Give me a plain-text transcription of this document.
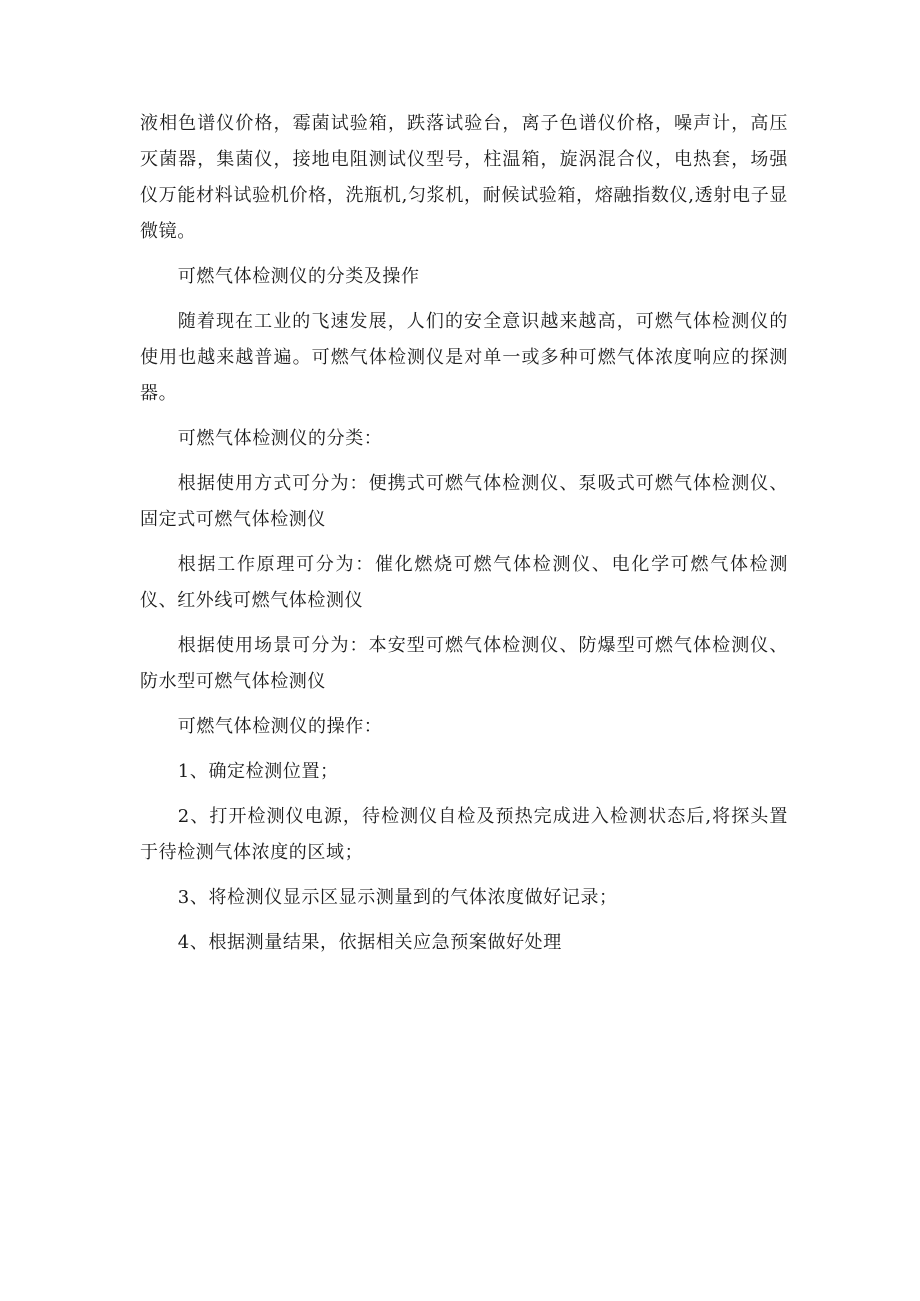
液相色谱仪价格，霉菌试验箱，跌落试验台，离子色谱仪价格，噪声计，高压灭菌器，集菌仪，接地电阻测试仪型号，柱温箱，旋涡混合仪，电热套，场强仪万能材料试验机价格，洗瓶机,匀浆机，耐候试验箱，熔融指数仪,透射电子显微镜。

可燃气体检测仪的分类及操作

随着现在工业的飞速发展，人们的安全意识越来越高，可燃气体检测仪的使用也越来越普遍。可燃气体检测仪是对单一或多种可燃气体浓度响应的探测器。

可燃气体检测仪的分类：

根据使用方式可分为：便携式可燃气体检测仪、泵吸式可燃气体检测仪、固定式可燃气体检测仪

根据工作原理可分为：催化燃烧可燃气体检测仪、电化学可燃气体检测仪、红外线可燃气体检测仪

根据使用场景可分为：本安型可燃气体检测仪、防爆型可燃气体检测仪、防水型可燃气体检测仪

可燃气体检测仪的操作：

1、确定检测位置；

2、打开检测仪电源，待检测仪自检及预热完成进入检测状态后,将探头置于待检测气体浓度的区域；

3、将检测仪显示区显示测量到的气体浓度做好记录；

4、根据测量结果，依据相关应急预案做好处理
